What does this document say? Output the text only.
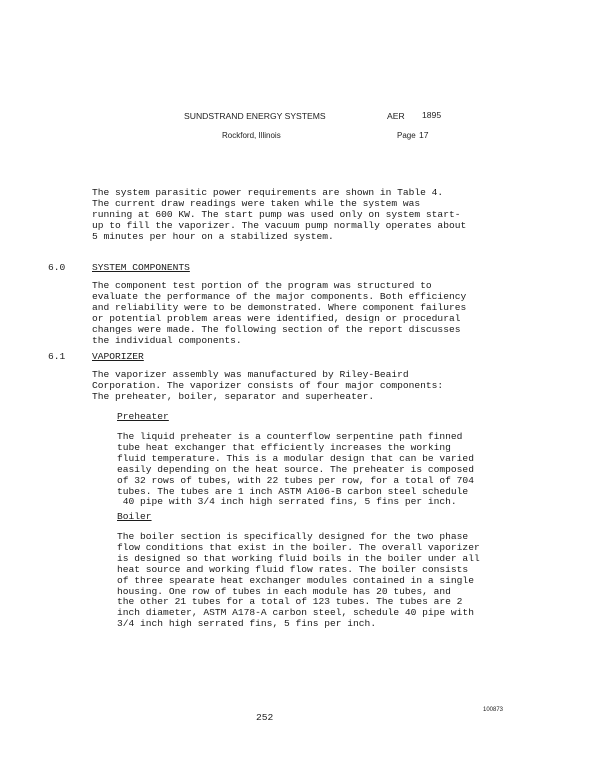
SUNDSTRAND ENERGY SYSTEMS	AER 1895
Rockford, Illinois	Page 17
The system parasitic power requirements are shown in Table 4.
The current draw readings were taken while the system was
running at 600 KW. The start pump was used only on system start-
up to fill the vaporizer. The vacuum pump normally operates about
5 minutes per hour on a stabilized system.
6.0	SYSTEM COMPONENTS
The component test portion of the program was structured to
evaluate the performance of the major components. Both efficiency
and reliability were to be demonstrated. Where component failures
or potential problem areas were identified, design or procedural
changes were made. The following section of the report discusses
the individual components.
6.1	VAPORIZER
The vaporizer assembly was manufactured by Riley-Beaird
Corporation. The vaporizer consists of four major components:
The preheater, boiler, separator and superheater.
Preheater
The liquid preheater is a counterflow serpentine path finned
tube heat exchanger that efficiently increases the working
fluid temperature. This is a modular design that can be varied
easily depending on the heat source. The preheater is composed
of 32 rows of tubes, with 22 tubes per row, for a total of 704
tubes. The tubes are 1 inch ASTM A106-B carbon steel schedule
40 pipe with 3/4 inch high serrated fins, 5 fins per inch.
Boiler
The boiler section is specifically designed for the two phase
flow conditions that exist in the boiler. The overall vaporizer
is designed so that working fluid boils in the boiler under all
heat source and working fluid flow rates. The boiler consists
of three spearate heat exchanger modules contained in a single
housing. One row of tubes in each module has 20 tubes, and
the other 21 tubes for a total of 123 tubes. The tubes are 2
inch diameter, ASTM A178-A carbon steel, schedule 40 pipe with
3/4 inch high serrated fins, 5 fins per inch.
100873
252
